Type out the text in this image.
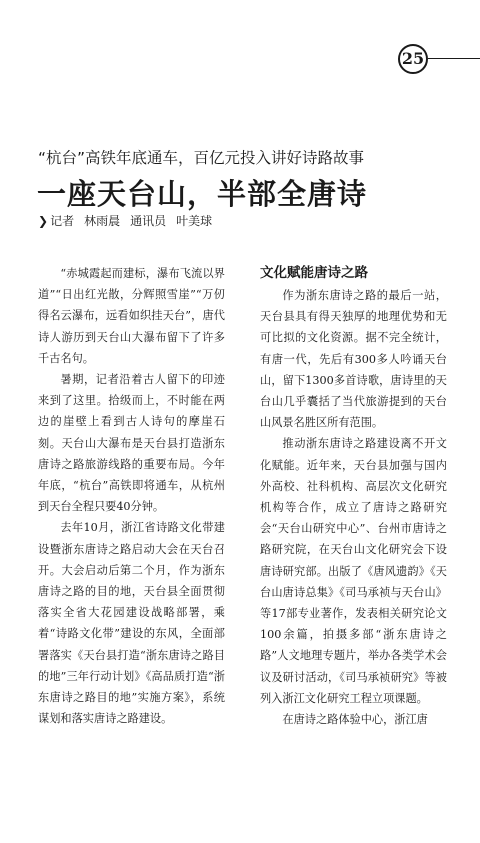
25
“杭台”高铁年底通车，百亿元投入讲好诗路故事
一座天台山，半部全唐诗
❯ 记者 林雨晨 通讯员 叶美球

“赤城霞起而建标，瀑布飞流以界道”“日出红光散，分辉照雪崖”“万仞得名云瀑布，远看如织挂天台”，唐代诗人游历到天台山大瀑布留下了许多千古名句。

暑期，记者沿着古人留下的印迹来到了这里。拾级而上，不时能在两边的崖壁上看到古人诗句的摩崖石刻。天台山大瀑布是天台县打造浙东唐诗之路旅游线路的重要布局。今年年底，“杭台”高铁即将通车，从杭州到天台全程只要40分钟。

去年10月，浙江省诗路文化带建设暨浙东唐诗之路启动大会在天台召开。大会启动后第二个月，作为浙东唐诗之路的目的地，天台县全面贯彻落实全省大花园建设战略部署，乘着“诗路文化带”建设的东风，全面部署落实《天台县打造“浙东唐诗之路目的地”三年行动计划》《高品质打造“浙东唐诗之路目的地”实施方案》，系统谋划和落实唐诗之路建设。

文化赋能唐诗之路

作为浙东唐诗之路的最后一站，天台县具有得天独厚的地理优势和无可比拟的文化资源。据不完全统计，有唐一代，先后有300多人吟诵天台山，留下1300多首诗歌，唐诗里的天台山几乎囊括了当代旅游提到的天台山风景名胜区所有范围。

推动浙东唐诗之路建设离不开文化赋能。近年来，天台县加强与国内外高校、社科机构、高层次文化研究机构等合作，成立了唐诗之路研究会“天台山研究中心”、台州市唐诗之路研究院，在天台山文化研究会下设唐诗研究部。出版了《唐风遗韵》《天台山唐诗总集》《司马承祯与天台山》等17部专业著作，发表相关研究论文100余篇，拍摄多部“浙东唐诗之路”人文地理专题片，举办各类学术会议及研讨活动，《司马承祯研究》等被列入浙江文化研究工程立项课题。

在唐诗之路体验中心，浙江唐
